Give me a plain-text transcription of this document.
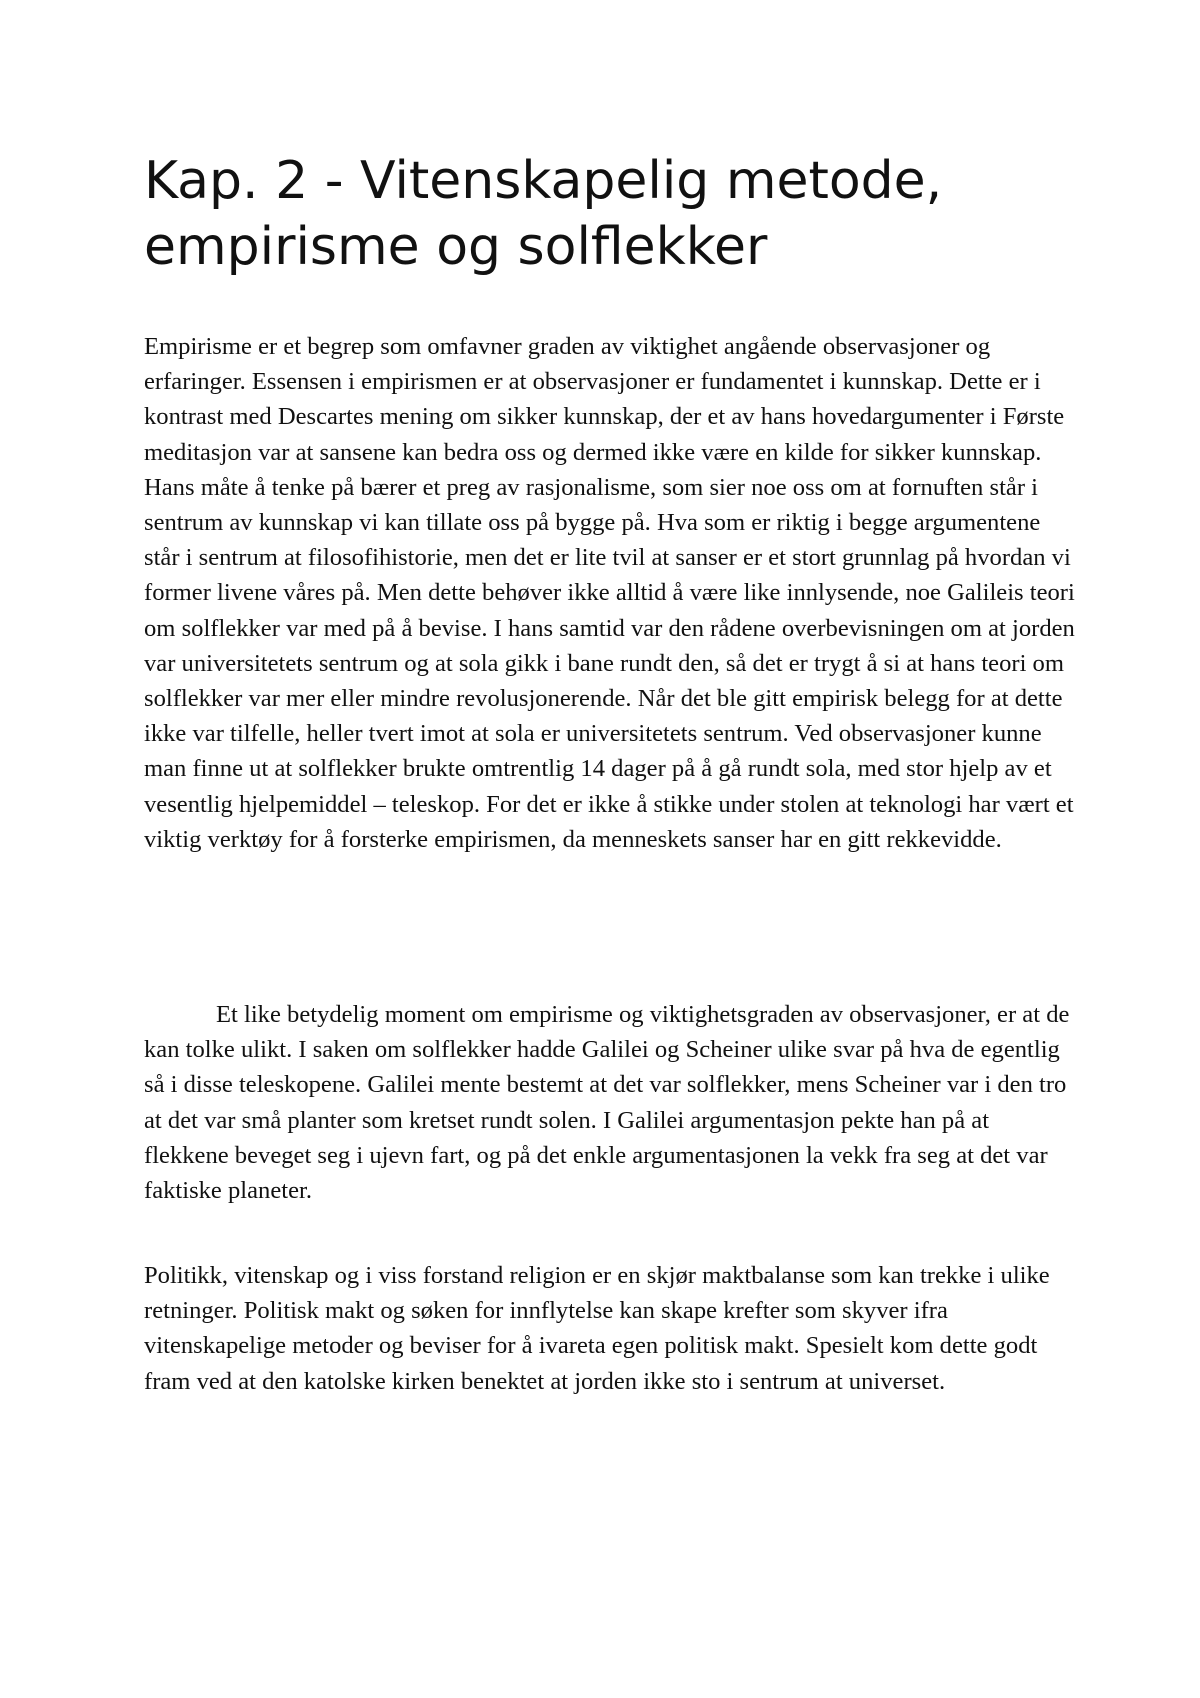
Kap. 2 - Vitenskapelig metode, empirisme og solflekker

Empirisme er et begrep som omfavner graden av viktighet angående observasjoner og erfaringer. Essensen i empirismen er at observasjoner er fundamentet i kunnskap. Dette er i kontrast med Descartes mening om sikker kunnskap, der et av hans hovedargumenter i Første meditasjon var at sansene kan bedra oss og dermed ikke være en kilde for sikker kunnskap. Hans måte å tenke på bærer et preg av rasjonalisme, som sier noe oss om at fornuften står i sentrum av kunnskap vi kan tillate oss på bygge på. Hva som er riktig i begge argumentene står i sentrum at filosofihistorie, men det er lite tvil at sanser er et stort grunnlag på hvordan vi former livene våres på. Men dette behøver ikke alltid å være like innlysende, noe Galileis teori om solflekker var med på å bevise. I hans samtid var den rådene overbevisningen om at jorden var universitetets sentrum og at sola gikk i bane rundt den, så det er trygt å si at hans teori om solflekker var mer eller mindre revolusjonerende. Når det ble gitt empirisk belegg for at dette ikke var tilfelle, heller tvert imot at sola er universitetets sentrum. Ved observasjoner kunne man finne ut at solflekker brukte omtrentlig 14 dager på å gå rundt sola, med stor hjelp av et vesentlig hjelpemiddel – teleskop. For det er ikke å stikke under stolen at teknologi har vært et viktig verktøy for å forsterke empirismen, da menneskets sanser har en gitt rekkevidde.

Et like betydelig moment om empirisme og viktighetsgraden av observasjoner, er at de kan tolke ulikt. I saken om solflekker hadde Galilei og Scheiner ulike svar på hva de egentlig så i disse teleskopene. Galilei mente bestemt at det var solflekker, mens Scheiner var i den tro at det var små planter som kretset rundt solen. I Galilei argumentasjon pekte han på at flekkene beveget seg i ujevn fart, og på det enkle argumentasjonen la vekk fra seg at det var faktiske planeter.

Politikk, vitenskap og i viss forstand religion er en skjør maktbalanse som kan trekke i ulike retninger. Politisk makt og søken for innflytelse kan skape krefter som skyver ifra vitenskapelige metoder og beviser for å ivareta egen politisk makt. Spesielt kom dette godt fram ved at den katolske kirken benektet at jorden ikke sto i sentrum at universet.
